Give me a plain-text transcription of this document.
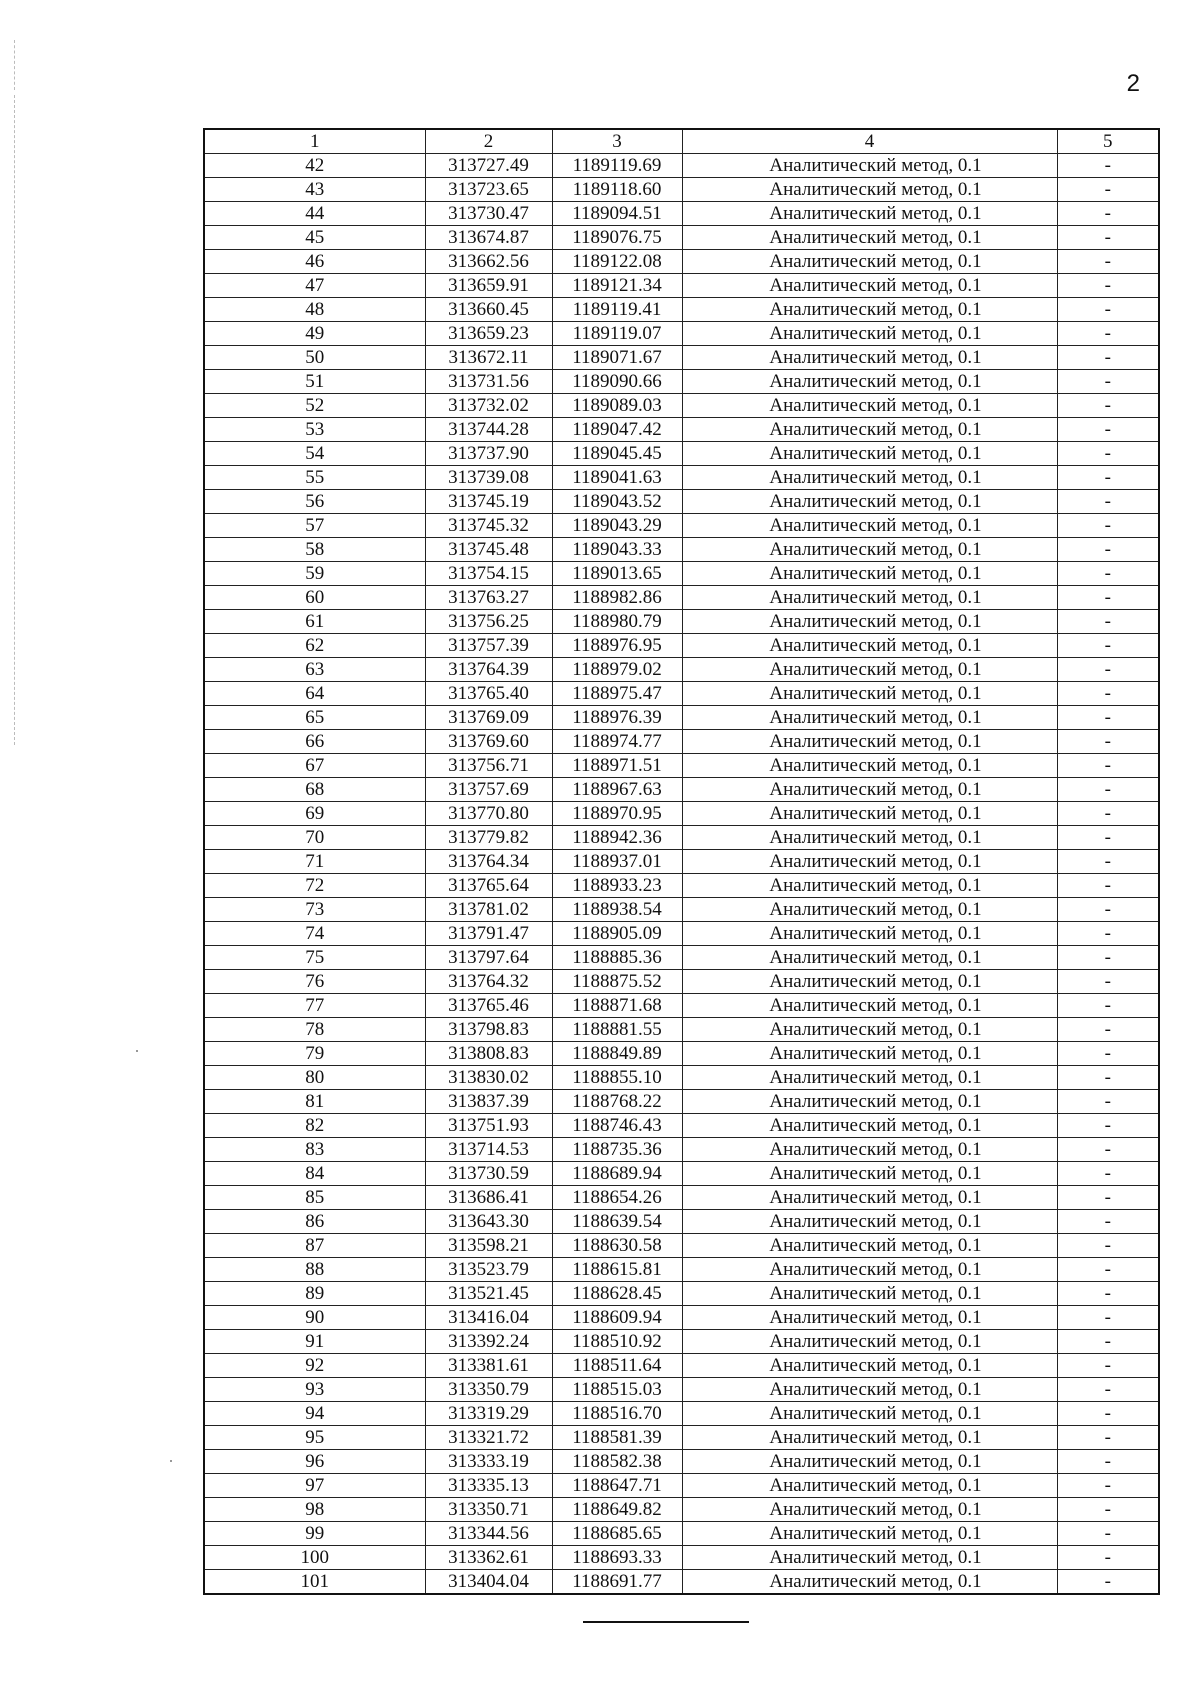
2
1	2	3	4	5
42	313727.49	1189119.69	Аналитический метод, 0.1	-
43	313723.65	1189118.60	Аналитический метод, 0.1	-
44	313730.47	1189094.51	Аналитический метод, 0.1	-
45	313674.87	1189076.75	Аналитический метод, 0.1	-
46	313662.56	1189122.08	Аналитический метод, 0.1	-
47	313659.91	1189121.34	Аналитический метод, 0.1	-
48	313660.45	1189119.41	Аналитический метод, 0.1	-
49	313659.23	1189119.07	Аналитический метод, 0.1	-
50	313672.11	1189071.67	Аналитический метод, 0.1	-
51	313731.56	1189090.66	Аналитический метод, 0.1	-
52	313732.02	1189089.03	Аналитический метод, 0.1	-
53	313744.28	1189047.42	Аналитический метод, 0.1	-
54	313737.90	1189045.45	Аналитический метод, 0.1	-
55	313739.08	1189041.63	Аналитический метод, 0.1	-
56	313745.19	1189043.52	Аналитический метод, 0.1	-
57	313745.32	1189043.29	Аналитический метод, 0.1	-
58	313745.48	1189043.33	Аналитический метод, 0.1	-
59	313754.15	1189013.65	Аналитический метод, 0.1	-
60	313763.27	1188982.86	Аналитический метод, 0.1	-
61	313756.25	1188980.79	Аналитический метод, 0.1	-
62	313757.39	1188976.95	Аналитический метод, 0.1	-
63	313764.39	1188979.02	Аналитический метод, 0.1	-
64	313765.40	1188975.47	Аналитический метод, 0.1	-
65	313769.09	1188976.39	Аналитический метод, 0.1	-
66	313769.60	1188974.77	Аналитический метод, 0.1	-
67	313756.71	1188971.51	Аналитический метод, 0.1	-
68	313757.69	1188967.63	Аналитический метод, 0.1	-
69	313770.80	1188970.95	Аналитический метод, 0.1	-
70	313779.82	1188942.36	Аналитический метод, 0.1	-
71	313764.34	1188937.01	Аналитический метод, 0.1	-
72	313765.64	1188933.23	Аналитический метод, 0.1	-
73	313781.02	1188938.54	Аналитический метод, 0.1	-
74	313791.47	1188905.09	Аналитический метод, 0.1	-
75	313797.64	1188885.36	Аналитический метод, 0.1	-
76	313764.32	1188875.52	Аналитический метод, 0.1	-
77	313765.46	1188871.68	Аналитический метод, 0.1	-
78	313798.83	1188881.55	Аналитический метод, 0.1	-
79	313808.83	1188849.89	Аналитический метод, 0.1	-
80	313830.02	1188855.10	Аналитический метод, 0.1	-
81	313837.39	1188768.22	Аналитический метод, 0.1	-
82	313751.93	1188746.43	Аналитический метод, 0.1	-
83	313714.53	1188735.36	Аналитический метод, 0.1	-
84	313730.59	1188689.94	Аналитический метод, 0.1	-
85	313686.41	1188654.26	Аналитический метод, 0.1	-
86	313643.30	1188639.54	Аналитический метод, 0.1	-
87	313598.21	1188630.58	Аналитический метод, 0.1	-
88	313523.79	1188615.81	Аналитический метод, 0.1	-
89	313521.45	1188628.45	Аналитический метод, 0.1	-
90	313416.04	1188609.94	Аналитический метод, 0.1	-
91	313392.24	1188510.92	Аналитический метод, 0.1	-
92	313381.61	1188511.64	Аналитический метод, 0.1	-
93	313350.79	1188515.03	Аналитический метод, 0.1	-
94	313319.29	1188516.70	Аналитический метод, 0.1	-
95	313321.72	1188581.39	Аналитический метод, 0.1	-
96	313333.19	1188582.38	Аналитический метод, 0.1	-
97	313335.13	1188647.71	Аналитический метод, 0.1	-
98	313350.71	1188649.82	Аналитический метод, 0.1	-
99	313344.56	1188685.65	Аналитический метод, 0.1	-
100	313362.61	1188693.33	Аналитический метод, 0.1	-
101	313404.04	1188691.77	Аналитический метод, 0.1	-
